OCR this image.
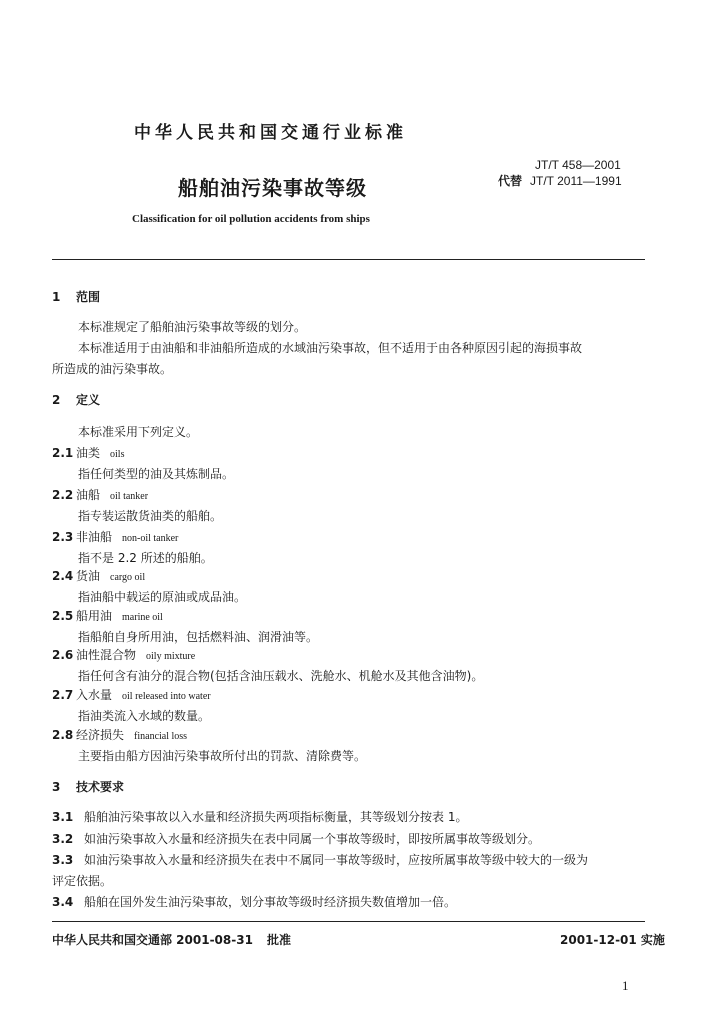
中华人民共和国交通行业标准
JT/T 458—2001
代替 JT/T 2011—1991
船舶油污染事故等级
Classification for oil pollution accidents from ships
1 范围
本标准规定了船舶油污染事故等级的划分。
本标准适用于由油船和非油船所造成的水域油污染事故，但不适用于由各种原因引起的海损事故
所造成的油污染事故。
2 定义
本标准采用下列定义。
2.1 油类 oils
指任何类型的油及其炼制品。
2.2 油船 oil tanker
指专装运散货油类的船舶。
2.3 非油船 non-oil tanker
指不是 2.2 所述的船舶。
2.4 货油 cargo oil
指油船中载运的原油或成品油。
2.5 船用油 marine oil
指船舶自身所用油，包括燃料油、润滑油等。
2.6 油性混合物 oily mixture
指任何含有油分的混合物(包括含油压载水、洗舱水、机舱水及其他含油物)。
2.7 入水量 oil released into water
指油类流入水域的数量。
2.8 经济损失 financial loss
主要指由船方因油污染事故所付出的罚款、清除费等。
3 技术要求
3.1 船舶油污染事故以入水量和经济损失两项指标衡量，其等级划分按表 1。
3.2 如油污染事故入水量和经济损失在表中同属一个事故等级时，即按所属事故等级划分。
3.3 如油污染事故入水量和经济损失在表中不属同一事故等级时，应按所属事故等级中较大的一级为
评定依据。
3.4 船舶在国外发生油污染事故，划分事故等级时经济损失数值增加一倍。
中华人民共和国交通部 2001-08-31 批准	2001-12-01 实施
1
